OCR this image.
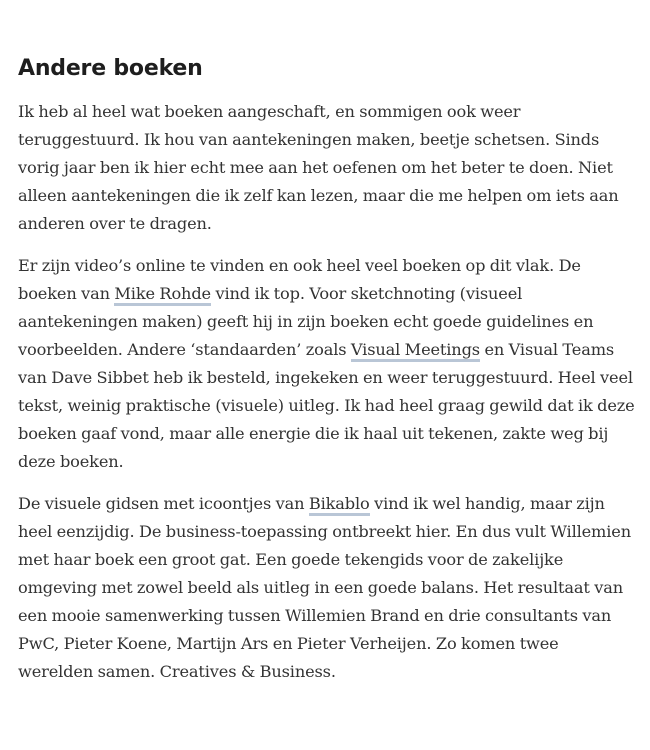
Andere boeken

Ik heb al heel wat boeken aangeschaft, en sommigen ook weer teruggestuurd. Ik hou van aantekeningen maken, beetje schetsen. Sinds vorig jaar ben ik hier echt mee aan het oefenen om het beter te doen. Niet alleen aantekeningen die ik zelf kan lezen, maar die me helpen om iets aan anderen over te dragen.

Er zijn video’s online te vinden en ook heel veel boeken op dit vlak. De boeken van Mike Rohde vind ik top. Voor sketchnoting (visueel aantekeningen maken) geeft hij in zijn boeken echt goede guidelines en voorbeelden. Andere ‘standaarden’ zoals Visual Meetings en Visual Teams van Dave Sibbet heb ik besteld, ingekeken en weer teruggestuurd. Heel veel tekst, weinig praktische (visuele) uitleg. Ik had heel graag gewild dat ik deze boeken gaaf vond, maar alle energie die ik haal uit tekenen, zakte weg bij deze boeken.

De visuele gidsen met icoontjes van Bikablo vind ik wel handig, maar zijn heel eenzijdig. De business-toepassing ontbreekt hier. En dus vult Willemien met haar boek een groot gat. Een goede tekengids voor de zakelijke omgeving met zowel beeld als uitleg in een goede balans. Het resultaat van een mooie samenwerking tussen Willemien Brand en drie consultants van PwC, Pieter Koene, Martijn Ars en Pieter Verheijen. Zo komen twee werelden samen. Creatives & Business.
